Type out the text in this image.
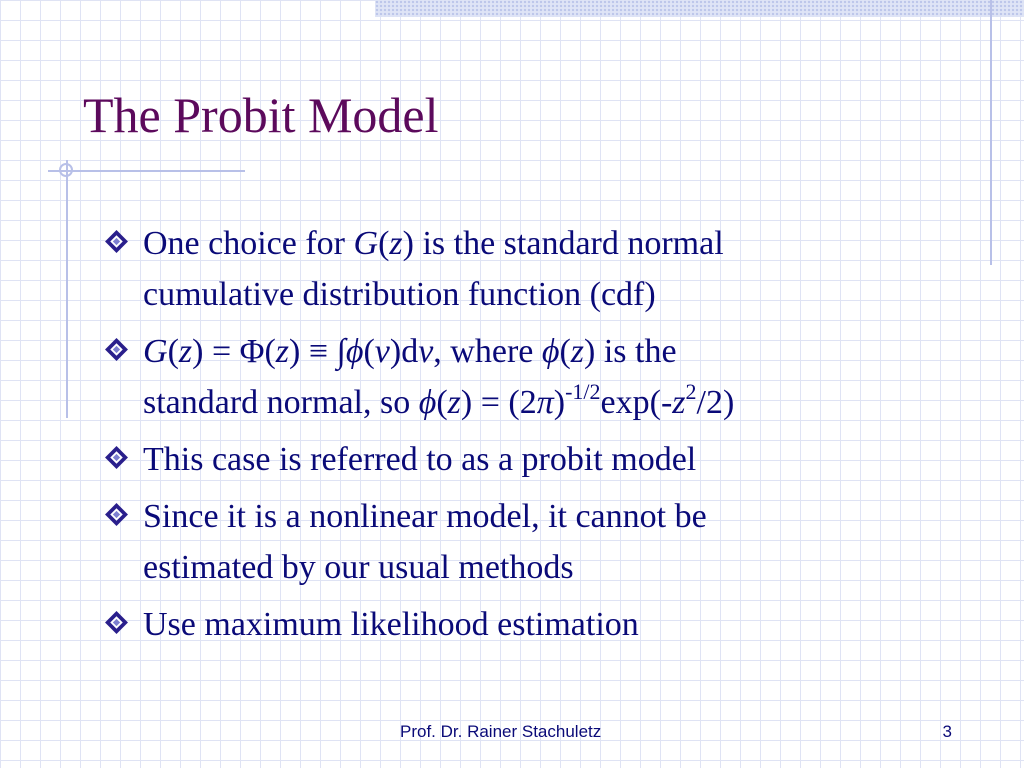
The Probit Model
One choice for G(z) is the standard normal
cumulative distribution function (cdf)
G(z) = Φ(z) ≡ ∫ϕ(v)dv, where ϕ(z) is the
standard normal, so $\phi(z) = (2\pi)^{-1/2}\exp(-z^2/2)$
This case is referred to as a probit model
Since it is a nonlinear model, it cannot be
estimated by our usual methods
Use maximum likelihood estimation
Prof. Dr. Rainer Stachuletz	3
